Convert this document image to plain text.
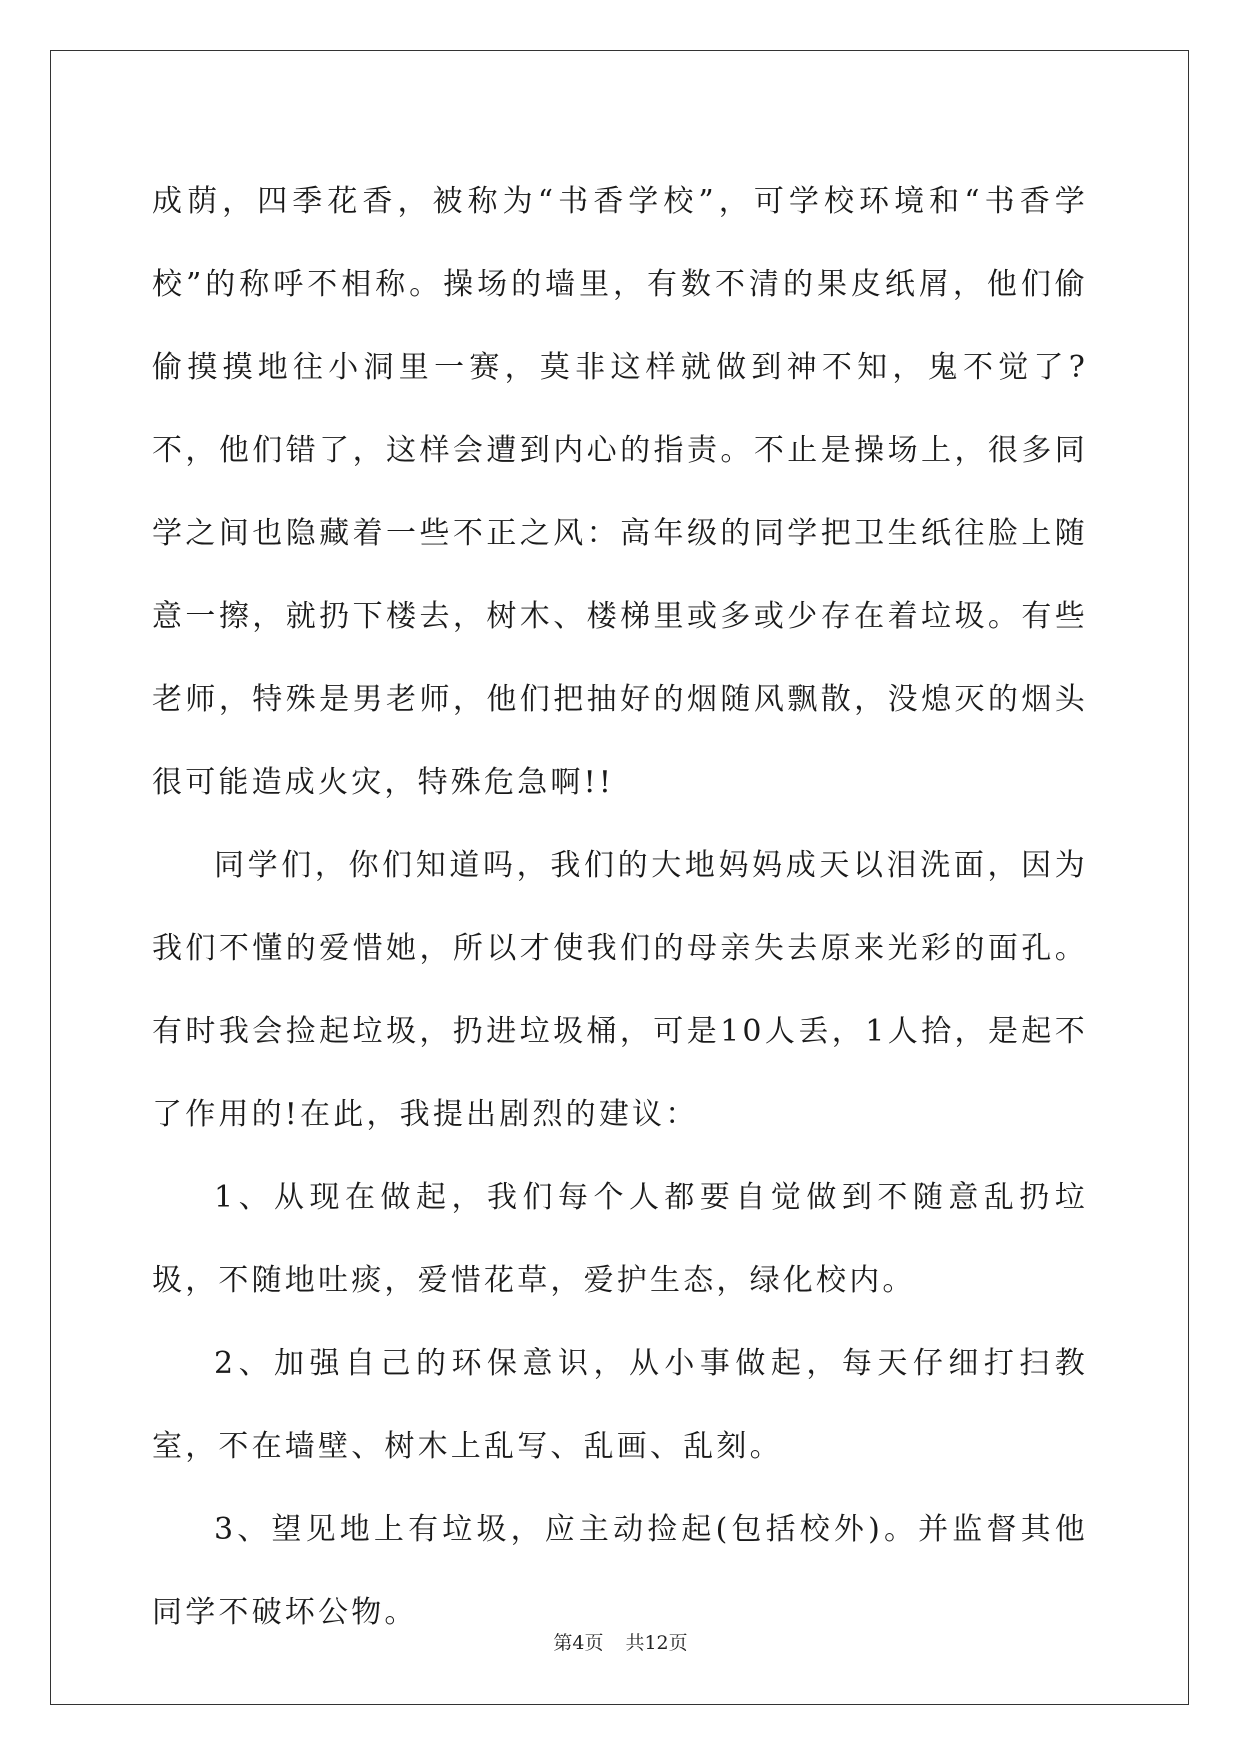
成荫，四季花香，被称为“书香学校”，可学校环境和“书香学校”的称呼不相称。操场的墙里，有数不清的果皮纸屑，他们偷偷摸摸地往小洞里一赛，莫非这样就做到神不知，鬼不觉了?不，他们错了，这样会遭到内心的指责。不止是操场上，很多同学之间也隐藏着一些不正之风：高年级的同学把卫生纸往脸上随意一擦，就扔下楼去，树木、楼梯里或多或少存在着垃圾。有些老师，特殊是男老师，他们把抽好的烟随风飘散，没熄灭的烟头很可能造成火灾，特殊危急啊!!

同学们，你们知道吗，我们的大地妈妈成天以泪洗面，因为我们不懂的爱惜她，所以才使我们的母亲失去原来光彩的面孔。有时我会捡起垃圾，扔进垃圾桶，可是10人丢，1人拾，是起不了作用的!在此，我提出剧烈的建议：

1、从现在做起，我们每个人都要自觉做到不随意乱扔垃圾，不随地吐痰，爱惜花草，爱护生态，绿化校内。

2、加强自己的环保意识，从小事做起，每天仔细打扫教室，不在墙壁、树木上乱写、乱画、乱刻。

3、望见地上有垃圾，应主动捡起(包括校外)。并监督其他同学不破坏公物。

第4页 共12页
